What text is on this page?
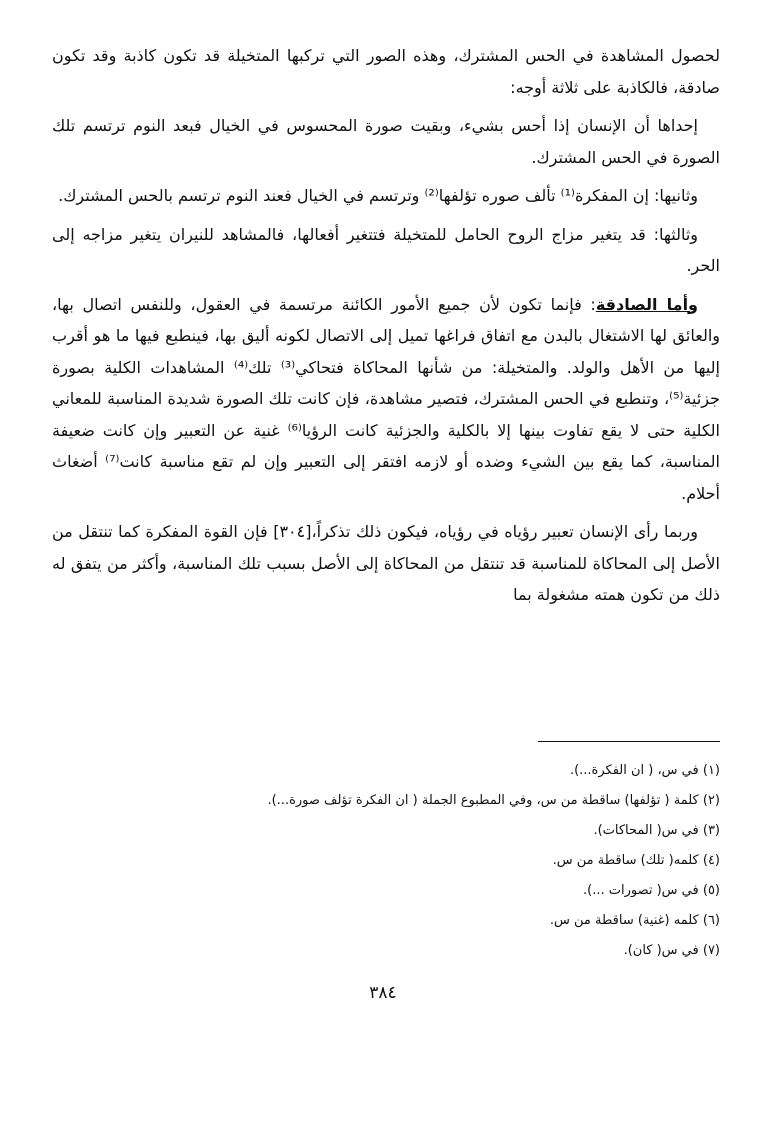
لحصول المشاهدة في الحس المشترك، وهذه الصور التي تركبها المتخيلة قد تكون كاذبة وقد تكون صادقة، فالكاذبة على ثلاثة أوجه:

إحداها أن الإنسان إذا أحس بشيء، وبقيت صورة المحسوس في الخيال فبعد النوم ترتسم تلك الصورة في الحس المشترك.

وثانيها: إن المفكرة⁽¹⁾ تألف صوره تؤلفها⁽²⁾ وترتسم في الخيال فعند النوم ترتسم بالحس المشترك.

وثالثها: قد يتغير مزاج الروح الحامل للمتخيلة فتتغير أفعالها، فالمشاهد للنيران يتغير مزاجه إلى الحر.

وأما الصادقة: فإنما تكون لأن جميع الأمور الكائنة مرتسمة في العقول، وللنفس اتصال بها، والعائق لها الاشتغال بالبدن مع اتفاق فراغها تميل إلى الاتصال لكونه أليق بها، فينطبع فيها ما هو أقرب إليها من الأهل والولد. والمتخيلة: من شأنها المحاكاة فتحاكي⁽³⁾ تلك⁽⁴⁾ المشاهدات الكلية بصورة جزئية⁽⁵⁾، وتنطبع في الحس المشترك، فتصير مشاهدة، فإن كانت تلك الصورة شديدة المناسبة للمعاني الكلية حتى لا يقع تفاوت بينها إلا بالكلية والجزئية كانت الرؤيا⁽⁶⁾ غنية عن التعبير وإن كانت ضعيفة المناسبة، كما يقع بين الشيء وضده أو لازمه افتقر إلى التعبير وإن لم تقع مناسبة كانت⁽⁷⁾ أضغاث أحلام.

وربما رأى الإنسان تعبير رؤياه في رؤياه، فيكون ذلك تذكراً،[٣٠٤] فإن القوة المفكرة كما تنتقل من الأصل إلى المحاكاة للمناسبة قد تنتقل من المحاكاة إلى الأصل بسبب تلك المناسبة، وأكثر من يتفق له ذلك من تكون همته مشغولة بما

(١) في س، ( ان الفكرة...).
(٢) كلمة ( تؤلفها) ساقطة من س، وفي المطبوع الجملة ( ان الفكرة تؤلف صورة...).
(٣) في س( المحاكات).
(٤) كلمه( تلك) ساقطة من س.
(٥) في س( تصورات ...).
(٦) كلمه (غنية) ساقطة من س.
(٧) في س( كان).
٣٨٤
